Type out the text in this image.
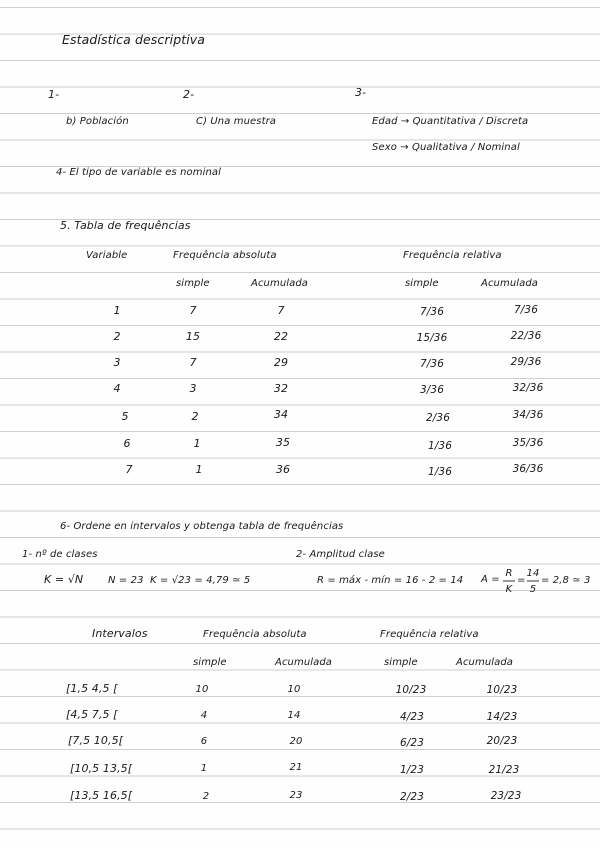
Estadística descriptiva
1-	2-	3-
b) Población	C) Una muestra	Edad → Quantitativa / Discreta
Sexo → Qualitativa / Nominal
4- El tipo de variable es nominal
5. Tabla de frequências
Variable	Frequência absoluta	Frequência relativa
simple	Acumulada	simple	Acumulada
1	7	7	7/36	7/36
2	15	22	15/36	22/36
3	7	29	7/36	29/36
4	3	32	3/36	32/36
5	2	34	2/36	34/36
6	1	35	1/36	35/36
7	1	36	1/36	36/36
6- Ordene en intervalos y obtenga tabla de frequências
1- nº de clases	2- Amplitud clase
K = √N N = 23 K = √23 = 4,79 ≃ 5	R = máx - mín = 16 - 2 = 14 A =
R
K
=
14
5
= 2,8 ≃ 3
Intervalos	Frequência absoluta	Frequência relativa
simple	Acumulada	simple	Acumulada
[1,5 4,5 [	10	10	10/23	10/23
[4,5 7,5 [	4	14	4/23	14/23
[7,5 10,5[	6	20	6/23	20/23
[10,5 13,5[	1	21	1/23	21/23
[13,5 16,5[	2	23	2/23	23/23
